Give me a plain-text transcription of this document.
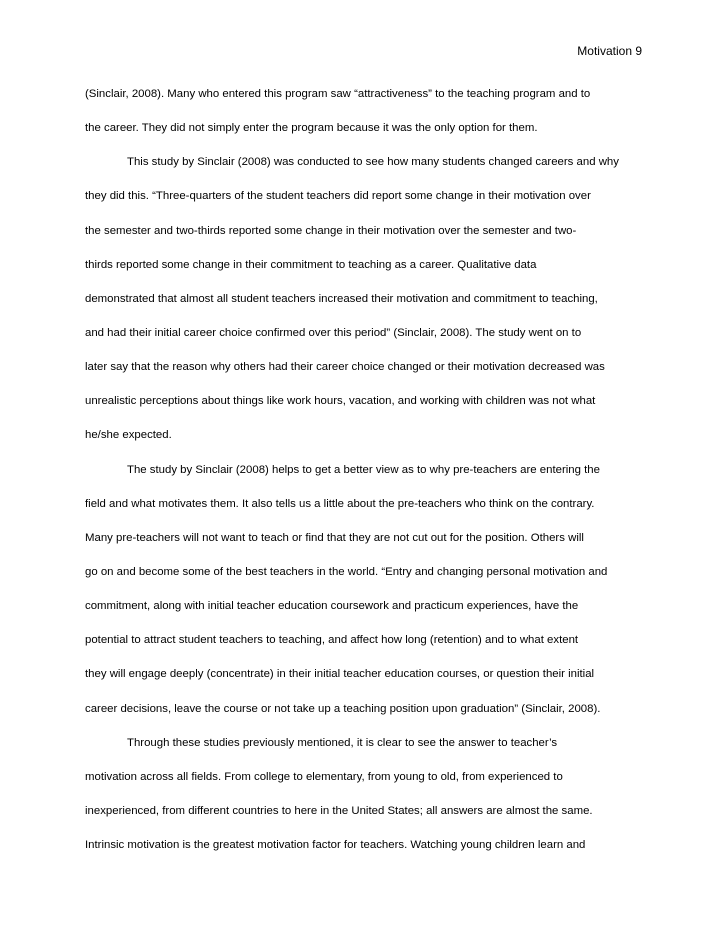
Motivation 9
(Sinclair, 2008). Many who entered this program saw “attractiveness” to the teaching program and to
the career. They did not simply enter the program because it was the only option for them.
This study by Sinclair (2008) was conducted to see how many students changed careers and why
they did this. “Three-quarters of the student teachers did report some change in their motivation over
the semester and two-thirds reported some change in their motivation over the semester and two-
thirds reported some change in their commitment to teaching as a career. Qualitative data
demonstrated that almost all student teachers increased their motivation and commitment to teaching,
and had their initial career choice confirmed over this period” (Sinclair, 2008). The study went on to
later say that the reason why others had their career choice changed or their motivation decreased was
unrealistic perceptions about things like work hours, vacation, and working with children was not what
he/she expected.
The study by Sinclair (2008) helps to get a better view as to why pre-teachers are entering the
field and what motivates them. It also tells us a little about the pre-teachers who think on the contrary.
Many pre-teachers will not want to teach or find that they are not cut out for the position. Others will
go on and become some of the best teachers in the world. “Entry and changing personal motivation and
commitment, along with initial teacher education coursework and practicum experiences, have the
potential to attract student teachers to teaching, and affect how long (retention) and to what extent
they will engage deeply (concentrate) in their initial teacher education courses, or question their initial
career decisions, leave the course or not take up a teaching position upon graduation” (Sinclair, 2008).
Through these studies previously mentioned, it is clear to see the answer to teacher’s
motivation across all fields. From college to elementary, from young to old, from experienced to
inexperienced, from different countries to here in the United States; all answers are almost the same.
Intrinsic motivation is the greatest motivation factor for teachers. Watching young children learn and
